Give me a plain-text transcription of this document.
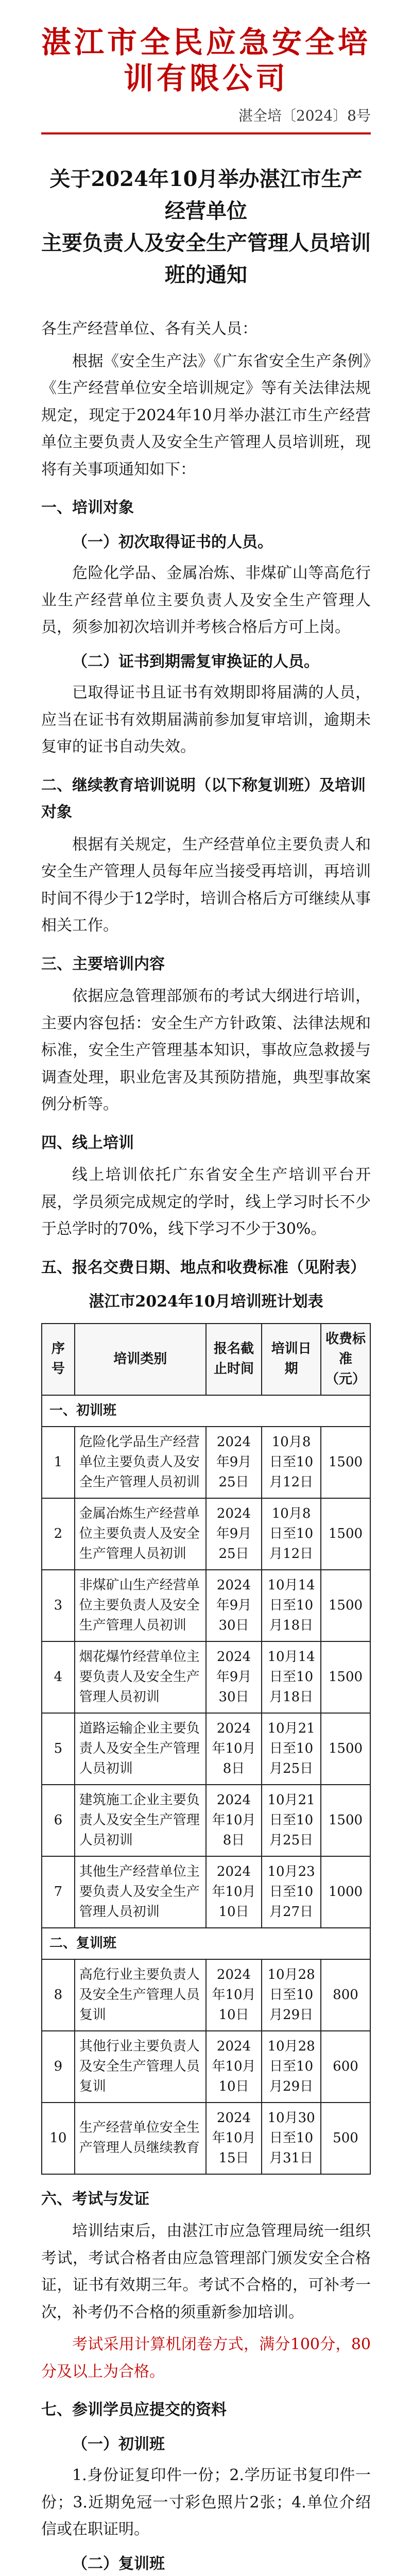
湛江市全民应急安全培训有限公司
湛全培〔2024〕8号
关于2024年10月举办湛江市生产经营单位
主要负责人及安全生产管理人员培训班的通知

各生产经营单位、各有关人员：

根据《安全生产法》《广东省安全生产条例》《生产经营单位安全培训规定》等有关法律法规规定，现定于2024年10月举办湛江市生产经营单位主要负责人及安全生产管理人员培训班，现将有关事项通知如下：

一、培训对象
（一）初次取得证书的人员。

危险化学品、金属冶炼、非煤矿山等高危行业生产经营单位主要负责人及安全生产管理人员，须参加初次培训并考核合格后方可上岗。

（二）证书到期需复审换证的人员。

已取得证书且证书有效期即将届满的人员，应当在证书有效期届满前参加复审培训，逾期未复审的证书自动失效。

二、继续教育培训说明（以下称复训班）及培训对象

根据有关规定，生产经营单位主要负责人和安全生产管理人员每年应当接受再培训，再培训时间不得少于12学时，培训合格后方可继续从事相关工作。

三、主要培训内容

依据应急管理部颁布的考试大纲进行培训，主要内容包括：安全生产方针政策、法律法规和标准，安全生产管理基本知识，事故应急救援与调查处理，职业危害及其预防措施，典型事故案例分析等。

四、线上培训

线上培训依托广东省安全生产培训平台开展，学员须完成规定的学时，线上学习时长不少于总学时的70%，线下学习不少于30%。

五、报名交费日期、地点和收费标准（见附表）
湛江市2024年10月培训班计划表
序号	培训类别	报名截止时间	培训日期	收费标准（元）
一、初训班				
1	危险化学品生产经营单位主要负责人及安全生产管理人员初训	2024年9月25日	10月8日至10月12日	1500
2	金属冶炼生产经营单位主要负责人及安全生产管理人员初训	2024年9月25日	10月8日至10月12日	1500
3	非煤矿山生产经营单位主要负责人及安全生产管理人员初训	2024年9月30日	10月14日至10月18日	1500
4	烟花爆竹经营单位主要负责人及安全生产管理人员初训	2024年9月30日	10月14日至10月18日	1500
5	道路运输企业主要负责人及安全生产管理人员初训	2024年10月8日	10月21日至10月25日	1500
6	建筑施工企业主要负责人及安全生产管理人员初训	2024年10月8日	10月21日至10月25日	1500
7	其他生产经营单位主要负责人及安全生产管理人员初训	2024年10月10日	10月23日至10月27日	1000
二、复训班				
8	高危行业主要负责人及安全生产管理人员复训	2024年10月10日	10月28日至10月29日	800
9	其他行业主要负责人及安全生产管理人员复训	2024年10月10日	10月28日至10月29日	600
10	生产经营单位安全生产管理人员继续教育	2024年10月15日	10月30日至10月31日	500
六、考试与发证

培训结束后，由湛江市应急管理局统一组织考试，考试合格者由应急管理部门颁发安全合格证，证书有效期三年。考试不合格的，可补考一次，补考仍不合格的须重新参加培训。

考试采用计算机闭卷方式，满分100分，80分及以上为合格。

七、参训学员应提交的资料
（一）初训班

1.身份证复印件一份；2.学历证书复印件一份；3.近期免冠一寸彩色照片2张；4.单位介绍信或在职证明。

（二）复训班
